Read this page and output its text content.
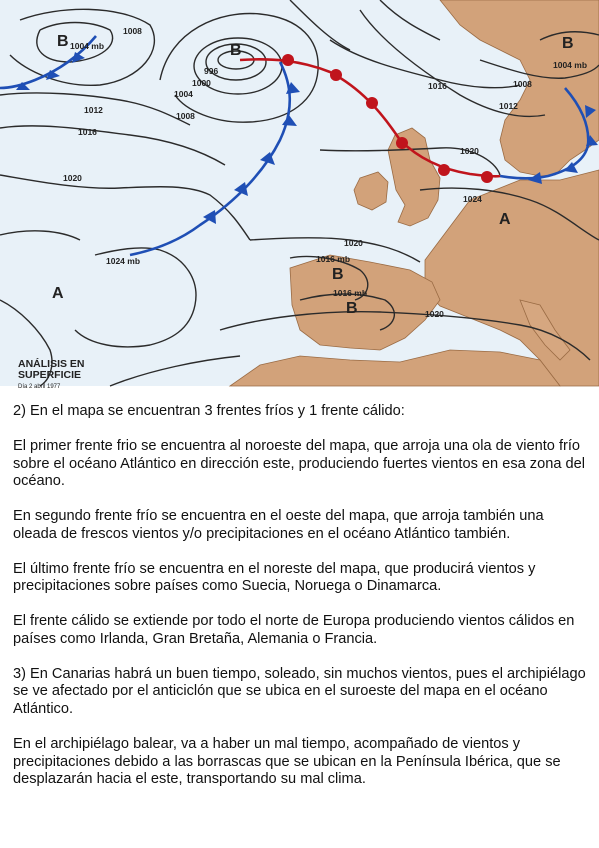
1008
1004 mb
996
1000
1004
1008
1012
1016
1020
1024 mb
1016	1008
1012
1004 mb
1020
1024
1020
1016 mb
1016 mb
1020
B
B	B
A
A
B
B
ANÁLISIS EN
SUPERFICIE
Día 2 abril 1977

2) En el mapa se encuentran 3 frentes fríos y 1 frente cálido:

El primer frente frio se encuentra al noroeste del mapa, que arroja una ola de viento frío sobre el océano Atlántico en dirección este, produciendo fuertes vientos en esa zona del océano.

En segundo frente frío se encuentra en el oeste del mapa, que arroja también una oleada de frescos vientos y/o precipitaciones en el océano Atlántico también.

El último frente frío se encuentra en el noreste del mapa, que producirá vientos y precipitaciones sobre países como Suecia, Noruega o Dinamarca.

El frente cálido se extiende por todo el norte de Europa produciendo vientos cálidos en países como Irlanda, Gran Bretaña, Alemania o Francia.

3) En Canarias habrá un buen tiempo, soleado, sin muchos vientos, pues el archipiélago se ve afectado por el anticiclón que se ubica en el suroeste del mapa en el océano Atlántico.

En el archipiélago balear, va a haber un mal tiempo, acompañado de vientos y precipitaciones debido a las borrascas que se ubican en la Península Ibérica, que se desplazarán hacia el este, transportando su mal clima.
